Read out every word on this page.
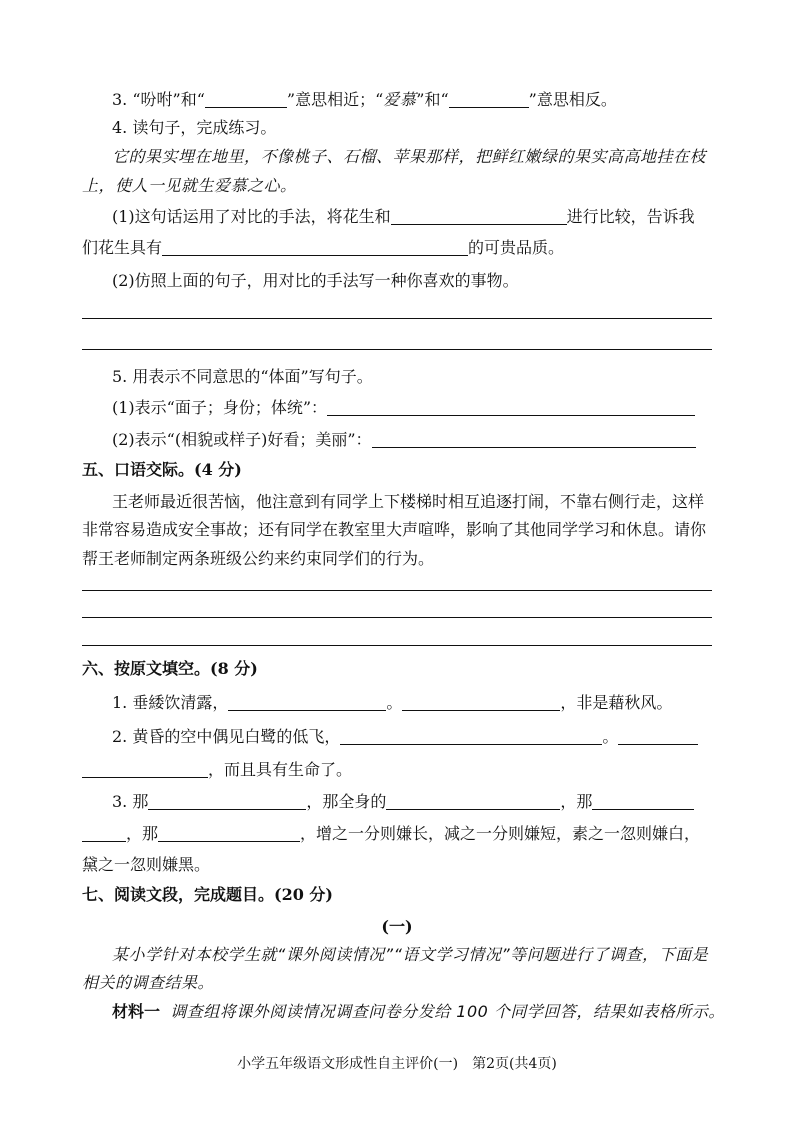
3. “吩咐”和“	”意思相近；“爱慕”和“	”意思相反。
4. 读句子，完成练习。
它的果实埋在地里，不像桃子、石榴、苹果那样，把鲜红嫩绿的果实高高地挂在枝
上，使人一见就生爱慕之心。
(1)这句话运用了对比的手法，将花生和	进行比较，告诉我
们花生具有	的可贵品质。
(2)仿照上面的句子，用对比的手法写一种你喜欢的事物。
5. 用表示不同意思的“体面”写句子。
(1)表示“面子；身份；体统”：
(2)表示“(相貌或样子)好看；美丽”：
五、口语交际。(4 分)
王老师最近很苦恼，他注意到有同学上下楼梯时相互追逐打闹，不靠右侧行走，这样
非常容易造成安全事故；还有同学在教室里大声喧哗，影响了其他同学学习和休息。请你
帮王老师制定两条班级公约来约束同学们的行为。
六、按原文填空。(8 分)
1. 垂緌饮清露，	。	，非是藉秋风。
2. 黄昏的空中偶见白鹭的低飞，	。
，而且具有生命了。
3. 那	，那全身的	，那
，那	，增之一分则嫌长，减之一分则嫌短，素之一忽则嫌白，
黛之一忽则嫌黑。
七、阅读文段，完成题目。(20 分)
(一)
某小学针对本校学生就“课外阅读情况”“语文学习情况”等问题进行了调查，下面是
相关的调查结果。
材料一 调查组将课外阅读情况调查问卷分发给 100 个同学回答，结果如表格所示。
小学五年级语文形成性自主评价(一)　第2页(共4页)
